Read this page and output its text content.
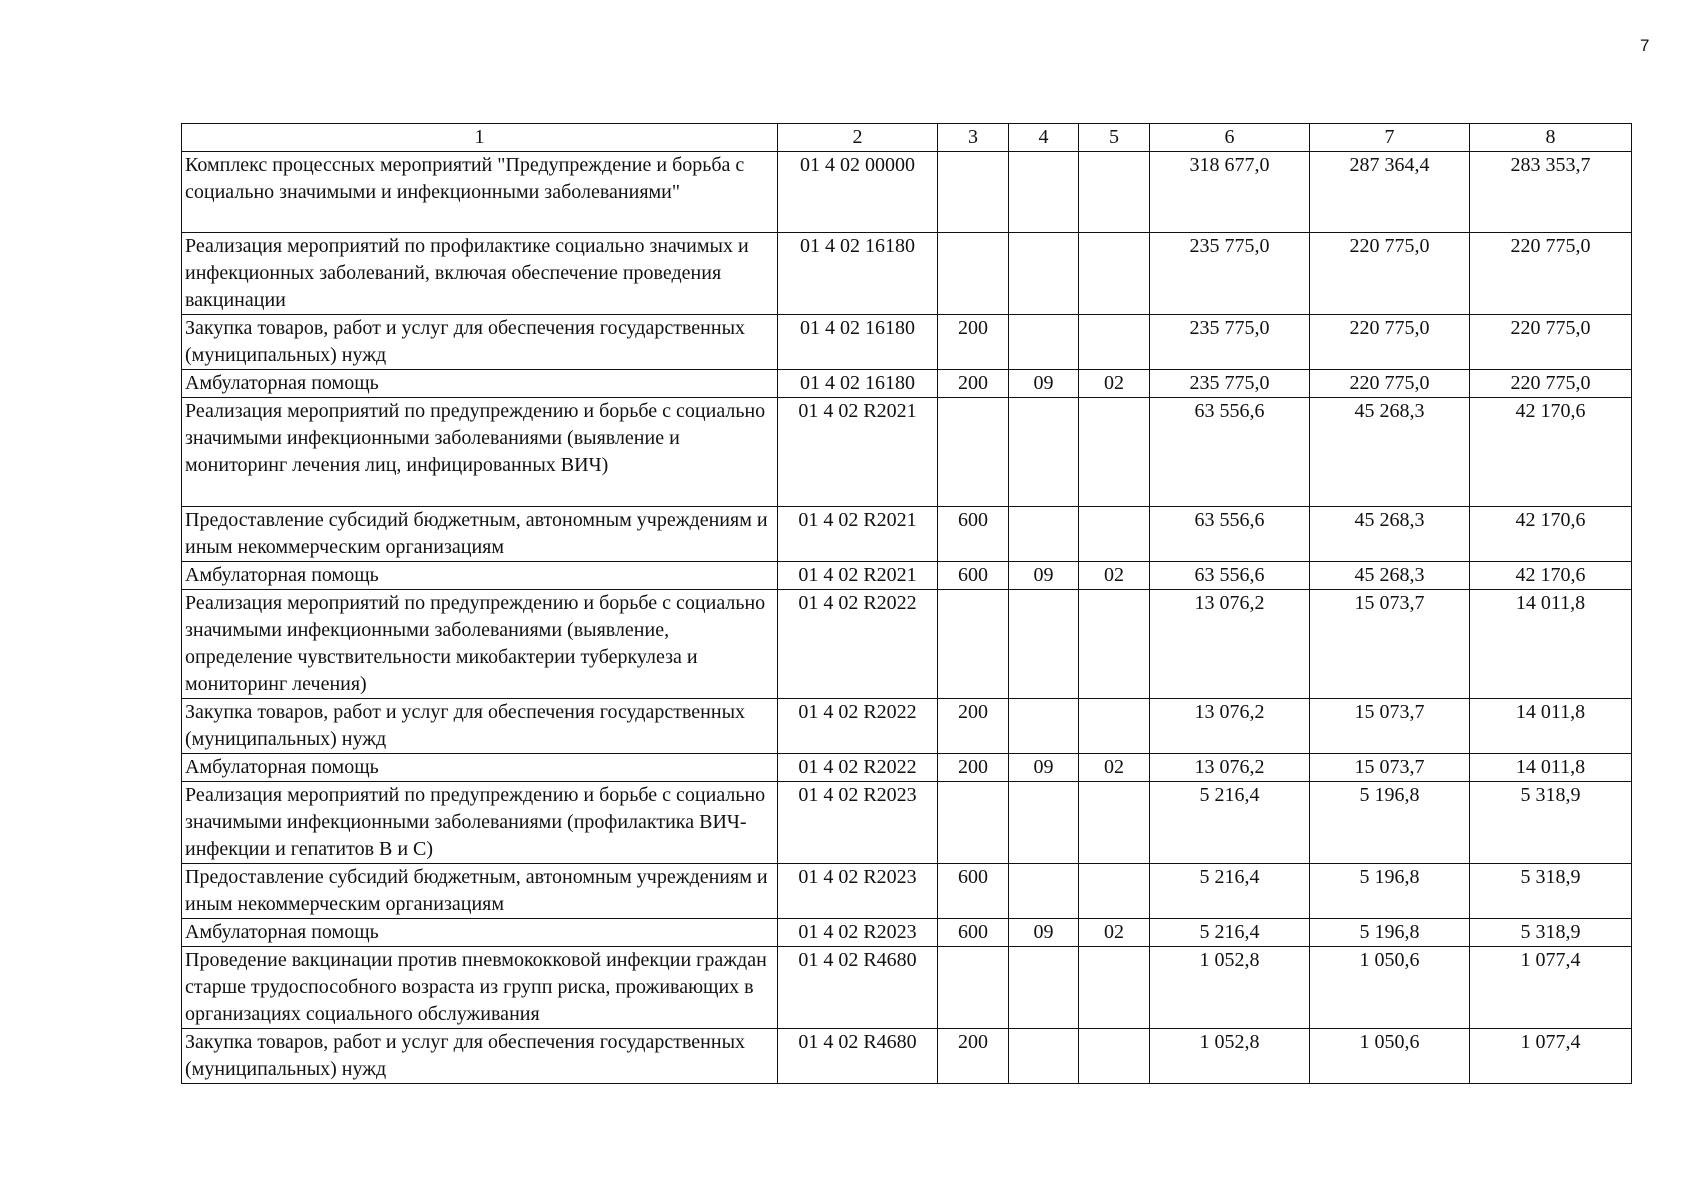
7
1	2	3	4	5	6	7	8
Комплекс процессных мероприятий "Предупреждение и борьба с социально значимыми и инфекционными заболеваниями"	01 4 02 00000				318 677,0	287 364,4	283 353,7
Реализация мероприятий по профилактике социально значимых и инфекционных заболеваний, включая обеспечение проведения вакцинации	01 4 02 16180				235 775,0	220 775,0	220 775,0
Закупка товаров, работ и услуг для обеспечения государственных (муниципальных) нужд	01 4 02 16180	200			235 775,0	220 775,0	220 775,0
Амбулаторная помощь	01 4 02 16180	200	09	02	235 775,0	220 775,0	220 775,0
Реализация мероприятий по предупреждению и борьбе с социально значимыми инфекционными заболеваниями (выявление и мониторинг лечения лиц, инфицированных ВИЧ)	01 4 02 R2021				63 556,6	45 268,3	42 170,6
Предоставление субсидий бюджетным, автономным учреждениям и иным некоммерческим организациям	01 4 02 R2021	600			63 556,6	45 268,3	42 170,6
Амбулаторная помощь	01 4 02 R2021	600	09	02	63 556,6	45 268,3	42 170,6
Реализация мероприятий по предупреждению и борьбе с социально значимыми инфекционными заболеваниями (выявление, определение чувствительности микобактерии туберкулеза и мониторинг лечения)	01 4 02 R2022				13 076,2	15 073,7	14 011,8
Закупка товаров, работ и услуг для обеспечения государственных (муниципальных) нужд	01 4 02 R2022	200			13 076,2	15 073,7	14 011,8
Амбулаторная помощь	01 4 02 R2022	200	09	02	13 076,2	15 073,7	14 011,8
Реализация мероприятий по предупреждению и борьбе с социально значимыми инфекционными заболеваниями (профилактика ВИЧ-инфекции и гепатитов В и С)	01 4 02 R2023				5 216,4	5 196,8	5 318,9
Предоставление субсидий бюджетным, автономным учреждениям и иным некоммерческим организациям	01 4 02 R2023	600			5 216,4	5 196,8	5 318,9
Амбулаторная помощь	01 4 02 R2023	600	09	02	5 216,4	5 196,8	5 318,9
Проведение вакцинации против пневмококковой инфекции граждан старше трудоспособного возраста из групп риска, проживающих в организациях социального обслуживания	01 4 02 R4680				1 052,8	1 050,6	1 077,4
Закупка товаров, работ и услуг для обеспечения государственных (муниципальных) нужд	01 4 02 R4680	200			1 052,8	1 050,6	1 077,4
